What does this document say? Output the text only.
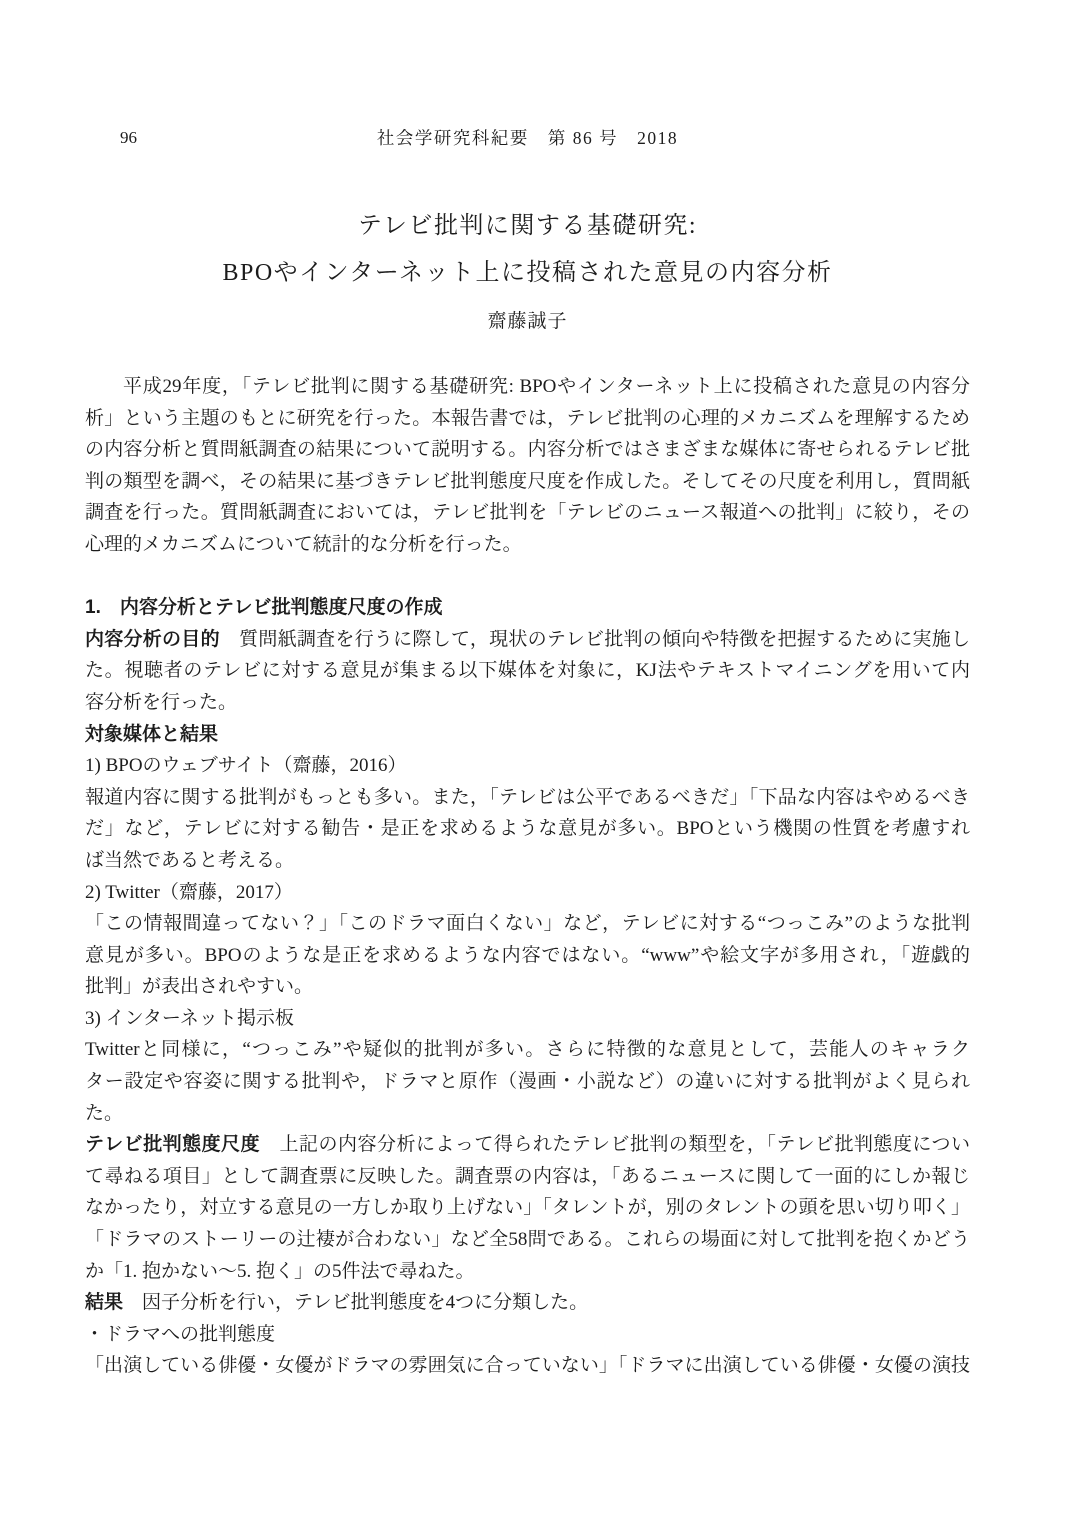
96	社会学研究科紀要　第 86 号　2018
テレビ批判に関する基礎研究:
BPOやインターネット上に投稿された意見の内容分析
齋藤誠子
平成29年度，「テレビ批判に関する基礎研究: BPOやインターネット上に投稿された意見の内容分
析」という主題のもとに研究を行った。本報告書では，テレビ批判の心理的メカニズムを理解するため
の内容分析と質問紙調査の結果について説明する。内容分析ではさまざまな媒体に寄せられるテレビ批
判の類型を調べ，その結果に基づきテレビ批判態度尺度を作成した。そしてその尺度を利用し，質問紙
調査を行った。質問紙調査においては，テレビ批判を「テレビのニュース報道への批判」に絞り，その
心理的メカニズムについて統計的な分析を行った。

1.　内容分析とテレビ批判態度尺度の作成
内容分析の目的　質問紙調査を行うに際して，現状のテレビ批判の傾向や特徴を把握するために実施し
た。視聴者のテレビに対する意見が集まる以下媒体を対象に，KJ法やテキストマイニングを用いて内
容分析を行った。
対象媒体と結果
1) BPOのウェブサイト（齋藤，2016）
報道内容に関する批判がもっとも多い。また，「テレビは公平であるべきだ」「下品な内容はやめるべき
だ」など，テレビに対する勧告・是正を求めるような意見が多い。BPOという機関の性質を考慮すれ
ば当然であると考える。
2) Twitter（齋藤，2017）
「この情報間違ってない？」「このドラマ面白くない」など，テレビに対する“つっこみ”のような批判
意見が多い。BPOのような是正を求めるような内容ではない。“www”や絵文字が多用され，「遊戯的
批判」が表出されやすい。
3) インターネット掲示板
Twitterと同様に，“つっこみ”や疑似的批判が多い。さらに特徴的な意見として，芸能人のキャラク
ター設定や容姿に関する批判や，ドラマと原作（漫画・小説など）の違いに対する批判がよく見られ
た。
テレビ批判態度尺度　上記の内容分析によって得られたテレビ批判の類型を，「テレビ批判態度につい
て尋ねる項目」として調査票に反映した。調査票の内容は，「あるニュースに関して一面的にしか報じ
なかったり，対立する意見の一方しか取り上げない」「タレントが，別のタレントの頭を思い切り叩く」
「ドラマのストーリーの辻褄が合わない」など全58問である。これらの場面に対して批判を抱くかどう
か「1. 抱かない〜5. 抱く」の5件法で尋ねた。
結果　因子分析を行い，テレビ批判態度を4つに分類した。
・ドラマへの批判態度
「出演している俳優・女優がドラマの雰囲気に合っていない」「ドラマに出演している俳優・女優の演技
